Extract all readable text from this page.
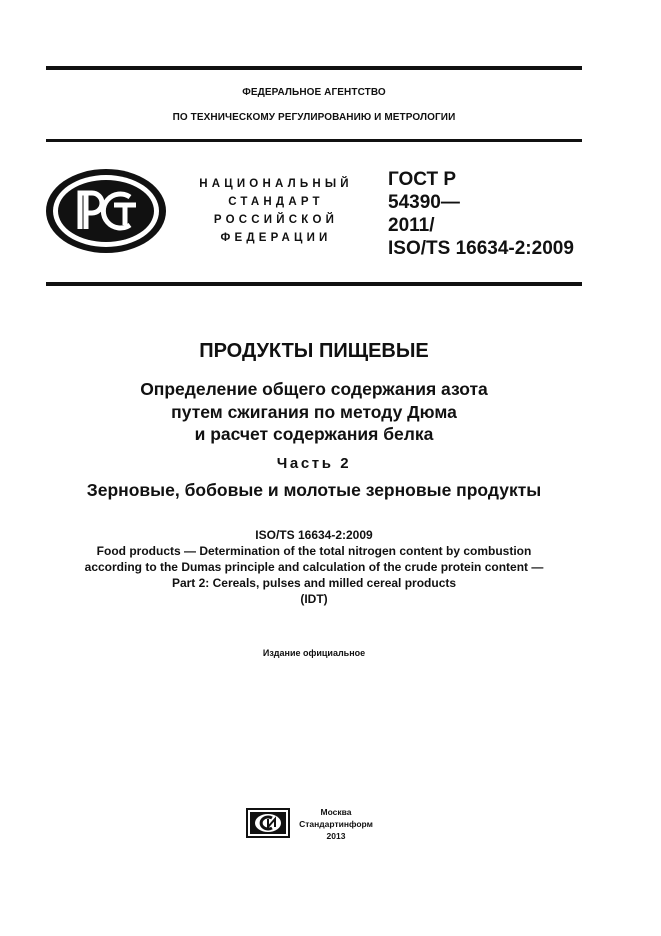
ФЕДЕРАЛЬНОЕ АГЕНТСТВО
ПО ТЕХНИЧЕСКОМУ РЕГУЛИРОВАНИЮ И МЕТРОЛОГИИ
НАЦИОНАЛЬНЫЙ
СТАНДАРТ
РОССИЙСКОЙ
ФЕДЕРАЦИИ
ГОСТ Р
54390—
2011/
ISO/TS 16634-2:2009
ПРОДУКТЫ ПИЩЕВЫЕ
Определение общего содержания азота
путем сжигания по методу Дюма
и расчет содержания белка
Часть 2
Зерновые, бобовые и молотые зерновые продукты
ISO/TS 16634-2:2009
Food products — Determination of the total nitrogen content by combustion
according to the Dumas principle and calculation of the crude protein content —
Part 2: Cereals, pulses and milled cereal products
(IDT)
Издание официальное
Москва
Стандартинформ
2013
